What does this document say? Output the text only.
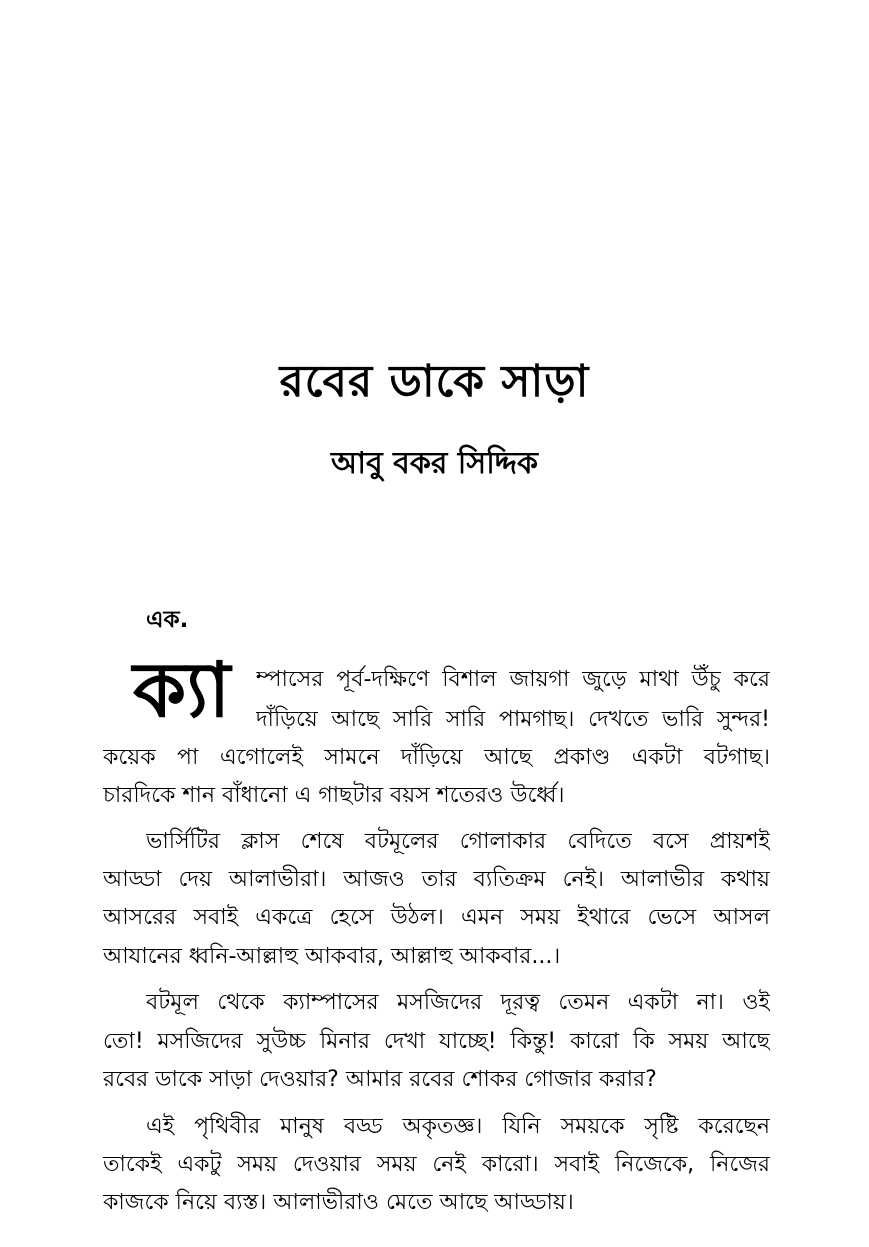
রবের ডাকে সাড়া
আবু বকর সিদ্দিক
এক.
ক্যা ম্পাসের পূর্ব-দক্ষিণে বিশাল জায়গা জুড়ে মাথা উঁচু করে
দাঁড়িয়ে আছে সারি সারি পামগাছ। দেখতে ভারি সুন্দর!
কয়েক পা এগোলেই সামনে দাঁড়িয়ে আছে প্রকাণ্ড একটা বটগাছ।
চারদিকে শান বাঁধানো এ গাছটার বয়স শতেরও উর্ধ্বে।
ভার্সিটির ক্লাস শেষে বটমূলের গোলাকার বেদিতে বসে প্রায়শই
আড্ডা দেয় আলাভীরা। আজও তার ব্যতিক্রম নেই। আলাভীর কথায়
আসরের সবাই একত্রে হেসে উঠল। এমন সময় ইথারে ভেসে আসল
আযানের ধ্বনি-আল্লাহু আকবার, আল্লাহু আকবার...।
বটমূল থেকে ক্যাম্পাসের মসজিদের দূরত্ব তেমন একটা না। ওই
তো! মসজিদের সুউচ্চ মিনার দেখা যাচ্ছে! কিন্তু! কারো কি সময় আছে
রবের ডাকে সাড়া দেওয়ার? আমার রবের শোকর গোজার করার?
এই পৃথিবীর মানুষ বড্ড অকৃতজ্ঞ। যিনি সময়কে সৃষ্টি করেছেন
তাকেই একটু সময় দেওয়ার সময় নেই কারো। সবাই নিজেকে, নিজের
কাজকে নিয়ে ব্যস্ত। আলাভীরাও মেতে আছে আড্ডায়।
